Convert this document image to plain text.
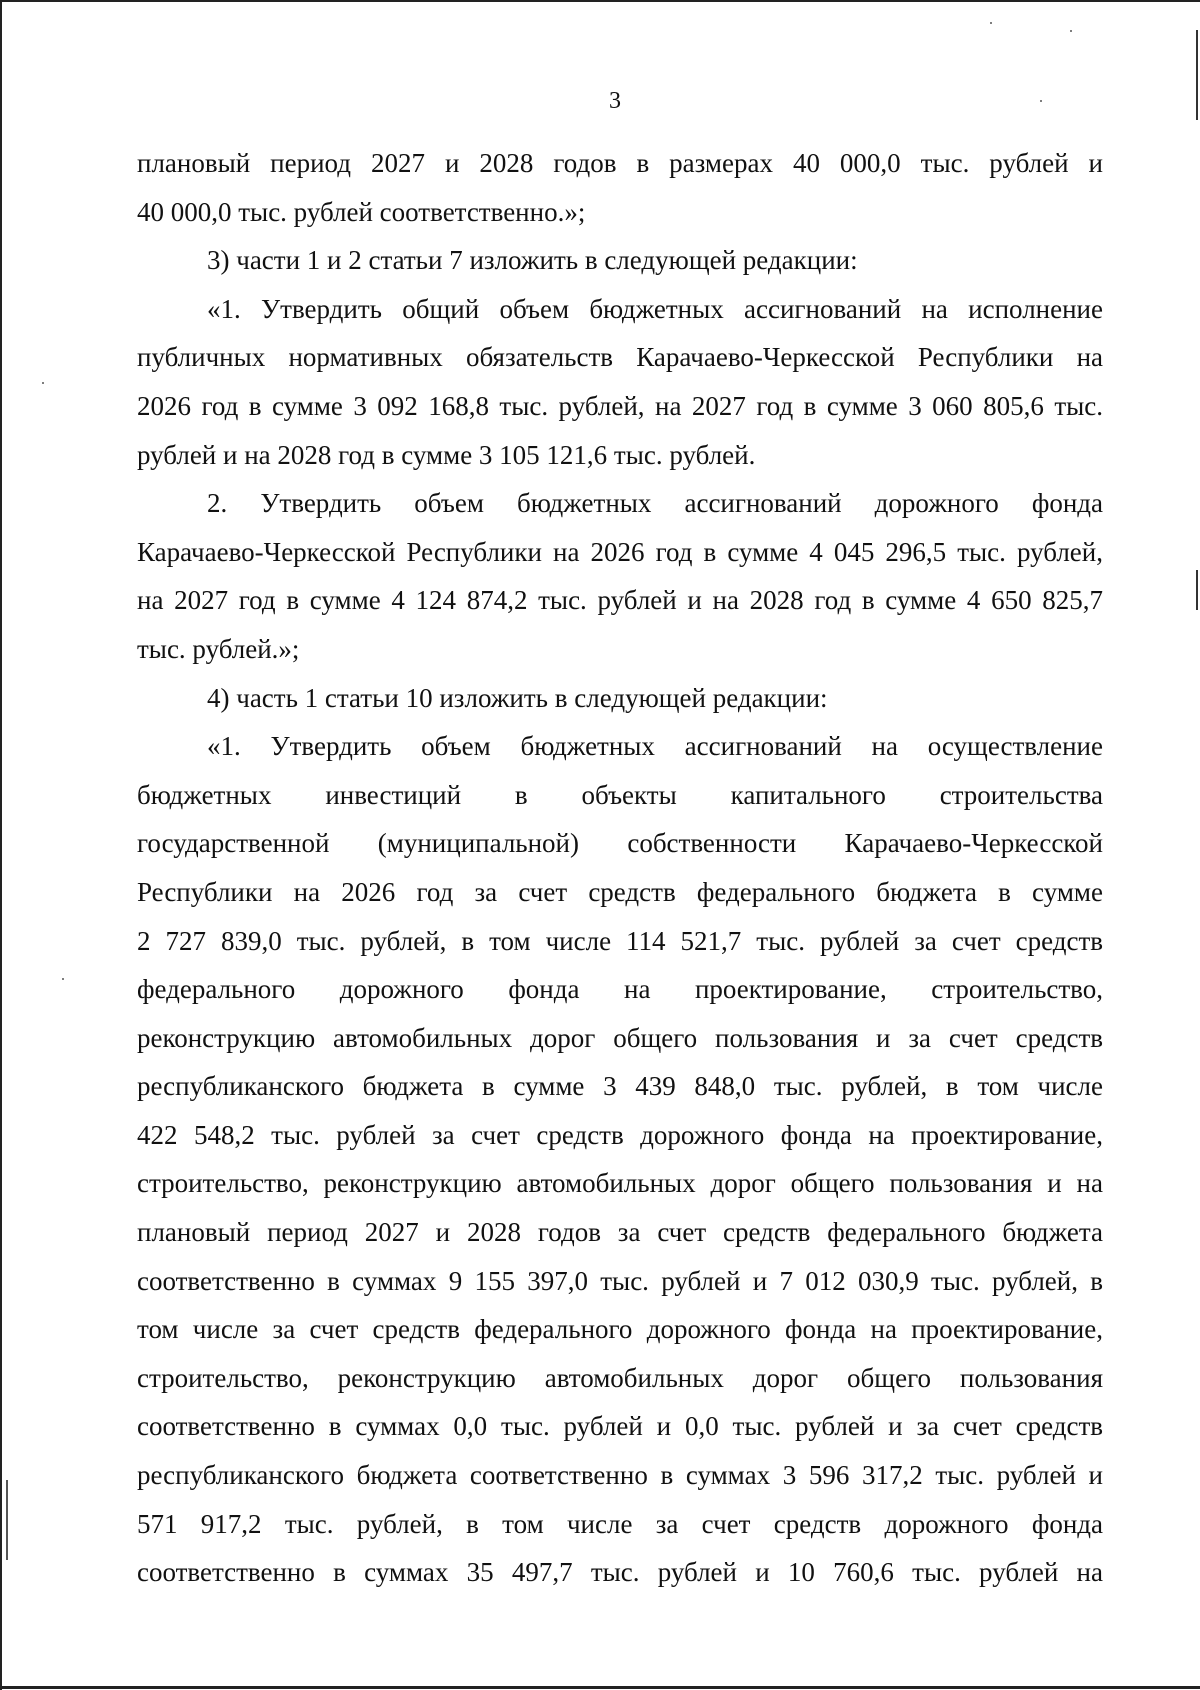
3
плановый период 2027 и 2028 годов в размерах 40 000,0 тыс. рублей и
40 000,0 тыс. рублей соответственно.»;
3) части 1 и 2 статьи 7 изложить в следующей редакции:
«1. Утвердить общий объем бюджетных ассигнований на исполнение
публичных нормативных обязательств Карачаево-Черкесской Республики на
2026 год в сумме 3 092 168,8 тыс. рублей, на 2027 год в сумме 3 060 805,6 тыс.
рублей и на 2028 год в сумме 3 105 121,6 тыс. рублей.
2. Утвердить объем бюджетных ассигнований дорожного фонда
Карачаево-Черкесской Республики на 2026 год в сумме 4 045 296,5 тыс. рублей,
на 2027 год в сумме 4 124 874,2 тыс. рублей и на 2028 год в сумме 4 650 825,7
тыс. рублей.»;
4) часть 1 статьи 10 изложить в следующей редакции:
«1. Утвердить объем бюджетных ассигнований на осуществление
бюджетных инвестиций в объекты капитального строительства
государственной (муниципальной) собственности Карачаево-Черкесской
Республики на 2026 год за счет средств федерального бюджета в сумме
2 727 839,0 тыс. рублей, в том числе 114 521,7 тыс. рублей за счет средств
федерального дорожного фонда на проектирование, строительство,
реконструкцию автомобильных дорог общего пользования и за счет средств
республиканского бюджета в сумме 3 439 848,0 тыс. рублей, в том числе
422 548,2 тыс. рублей за счет средств дорожного фонда на проектирование,
строительство, реконструкцию автомобильных дорог общего пользования и на
плановый период 2027 и 2028 годов за счет средств федерального бюджета
соответственно в суммах 9 155 397,0 тыс. рублей и 7 012 030,9 тыс. рублей, в
том числе за счет средств федерального дорожного фонда на проектирование,
строительство, реконструкцию автомобильных дорог общего пользования
соответственно в суммах 0,0 тыс. рублей и 0,0 тыс. рублей и за счет средств
республиканского бюджета соответственно в суммах 3 596 317,2 тыс. рублей и
571 917,2 тыс. рублей, в том числе за счет средств дорожного фонда
соответственно в суммах 35 497,7 тыс. рублей и 10 760,6 тыс. рублей на
